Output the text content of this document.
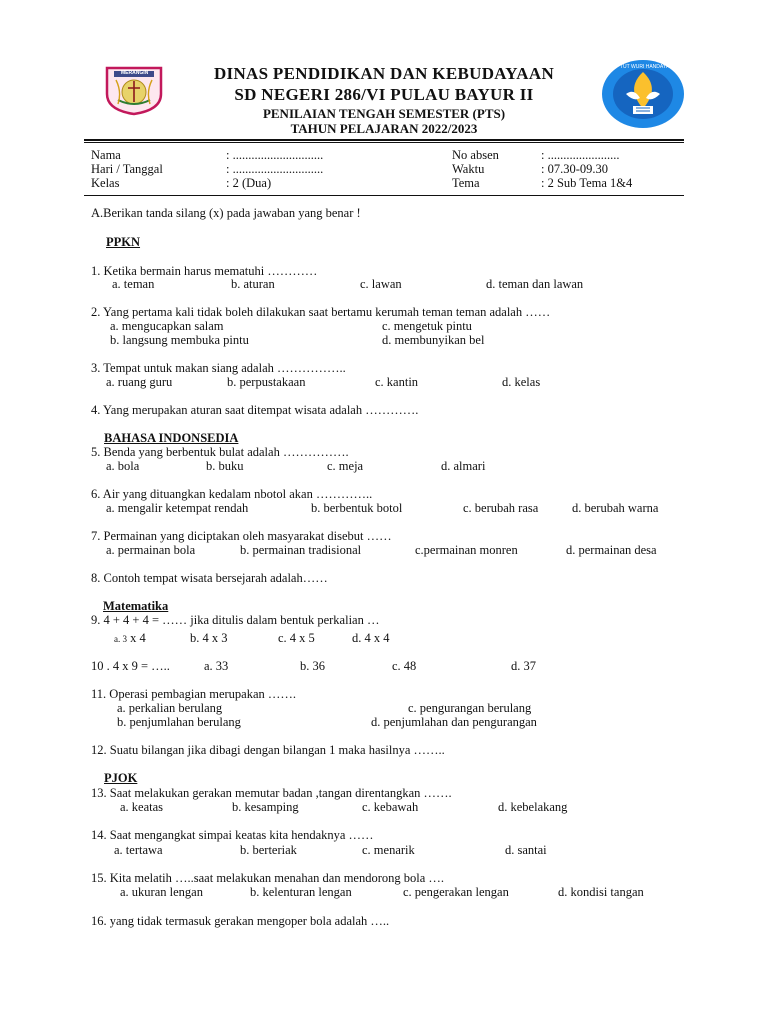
MERANGIN
TUT WURI HANDAYANI
DINAS PENDIDIKAN DAN KEBUDAYAAN
SD NEGERI 286/VI PULAU BAYUR II
PENILAIAN TENGAH SEMESTER (PTS)
TAHUN PELAJARAN 2022/2023
Nama	: .............................
Hari / Tanggal	: .............................
Kelas	: 2 (Dua)
No absen	: .......................
Waktu	: 07.30-09.30
Tema	: 2 Sub Tema 1&4
A.Berikan tanda silang (x) pada jawaban yang benar !
PPKN
1. Ketika bermain harus mematuhi …………
a. teman	b. aturan	c. lawan	d. teman dan lawan
2. Yang pertama kali tidak boleh dilakukan saat bertamu kerumah teman teman adalah ……
a. mengucapkan salam	c. mengetuk pintu
b. langsung membuka pintu	d. membunyikan bel
3. Tempat untuk makan siang adalah ……………..
a. ruang guru	b. perpustakaan	c. kantin	d. kelas
4. Yang merupakan aturan saat ditempat wisata adalah ………….
BAHASA INDONSEDIA
5. Benda yang berbentuk bulat adalah …………….
a. bola	b. buku	c. meja	d. almari
6. Air yang dituangkan kedalam nbotol akan …………..
a. mengalir ketempat rendah	b. berbentuk botol	c. berubah rasa	d. berubah warna
7. Permainan yang diciptakan oleh masyarakat disebut ……
a. permainan bola	b. permainan tradisional	c.permainan monren	d. permainan desa
8. Contoh tempat wisata bersejarah adalah……
Matematika
9. 4 + 4 + 4 = …… jika ditulis dalam bentuk perkalian …
a. 3 x 4	b. 4 x 3	c. 4 x 5	d. 4 x 4
10 . 4 x 9 = …..	a. 33	b. 36	c. 48	d. 37
11. Operasi pembagian merupakan …….
a. perkalian berulang	c. pengurangan berulang
b. penjumlahan berulang	d. penjumlahan dan pengurangan
12. Suatu bilangan jika dibagi dengan bilangan 1 maka hasilnya ……..
PJOK
13. Saat melakukan gerakan memutar badan ,tangan direntangkan …….
a. keatas	b. kesamping	c. kebawah	d. kebelakang
14. Saat mengangkat simpai keatas kita hendaknya ……
a. tertawa	b. berteriak	c. menarik	d. santai
15. Kita melatih …..saat melakukan menahan dan mendorong bola ….
a. ukuran lengan	b. kelenturan lengan	c. pengerakan lengan	d. kondisi tangan
16. yang tidak termasuk gerakan mengoper bola adalah …..
